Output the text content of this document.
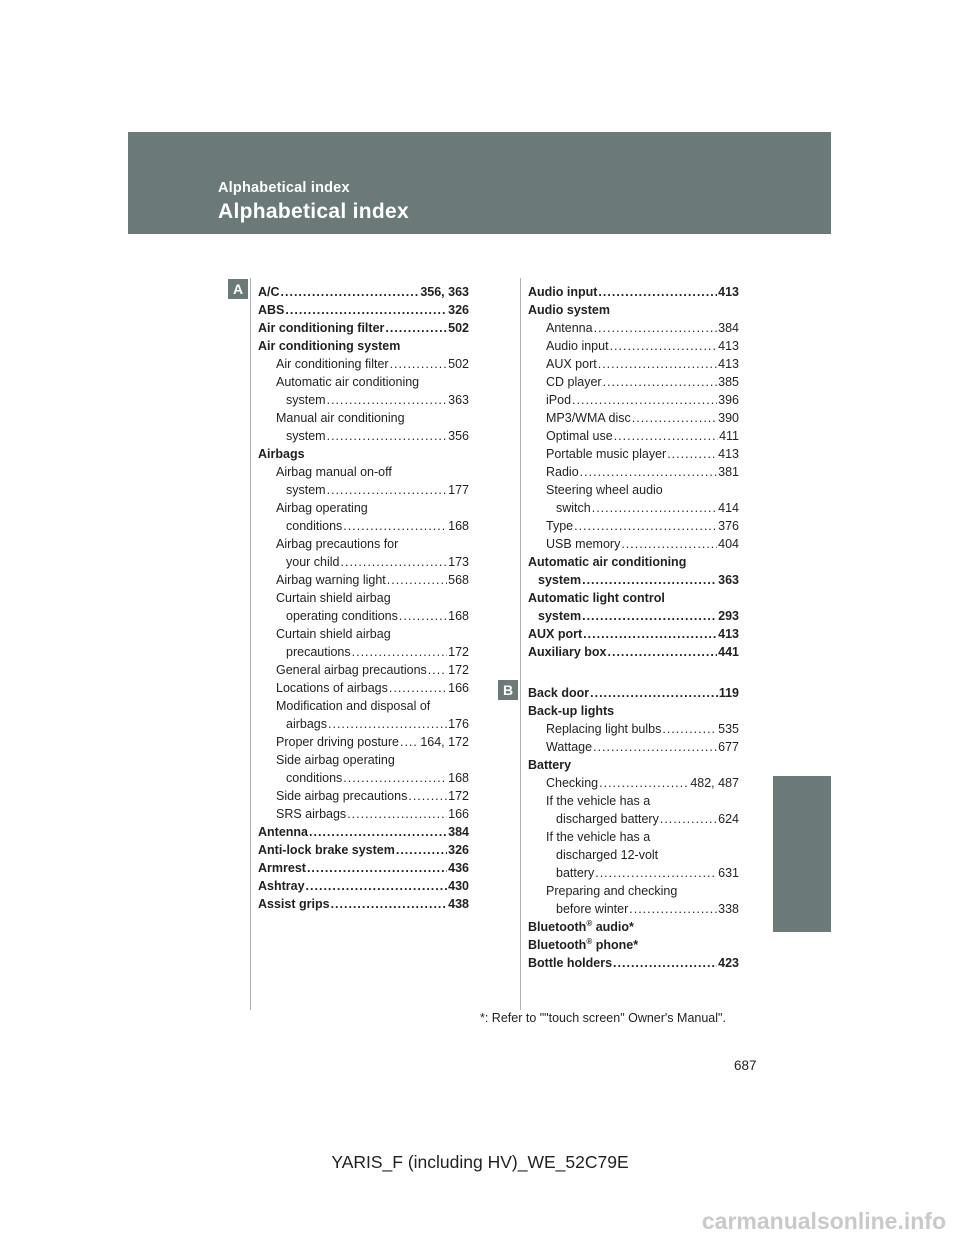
Alphabetical index
Alphabetical index
A
B
A/C .....	356, 363
ABS .....	326
Air conditioning filter .....	502
Air conditioning system
Air conditioning filter .....	502
Automatic air conditioning
system .....	363
Manual air conditioning
system .....	356
Airbags
Airbag manual on-off
system .....	177
Airbag operating
conditions .....	168
Airbag precautions for
your child .....	173
Airbag warning light .....	568
Curtain shield airbag
operating conditions .....	168
Curtain shield airbag
precautions .....	172
General airbag precautions ..... 172
Locations of airbags .....	166
Modification and disposal of
airbags .....	176
Proper driving posture ..... 164, 172
Side airbag operating
conditions .....	168
Side airbag precautions .....	172
SRS airbags .....	166
Antenna .....	384
Anti-lock brake system .....	326
Armrest .....	436
Ashtray .....	430
Assist grips .....	438
Audio input .....	413
Audio system
Antenna .....	384
Audio input .....	413
AUX port .....	413
CD player .....	385
iPod .....	396
MP3/WMA disc .....	390
Optimal use .....	411
Portable music player .....	413
Radio .....	381
Steering wheel audio
switch .....	414
Type .....	376
USB memory .....	404
Automatic air conditioning
system .....	363
Automatic light control
system .....	293
AUX port .....	413
Auxiliary box .....	441
Back door .....	119
Back-up lights
Replacing light bulbs .....	535
Wattage .....	677
Battery
Checking .....	482, 487
If the vehicle has a
discharged battery .....	624
If the vehicle has a
discharged 12-volt
battery .....	631
Preparing and checking
before winter .....	338
Bluetooth® audio*
Bluetooth® phone*
Bottle holders .....	423
*: Refer to ""touch screen" Owner's Manual".
687
YARIS_F (including HV)_WE_52C79E
carmanualsonline.info
